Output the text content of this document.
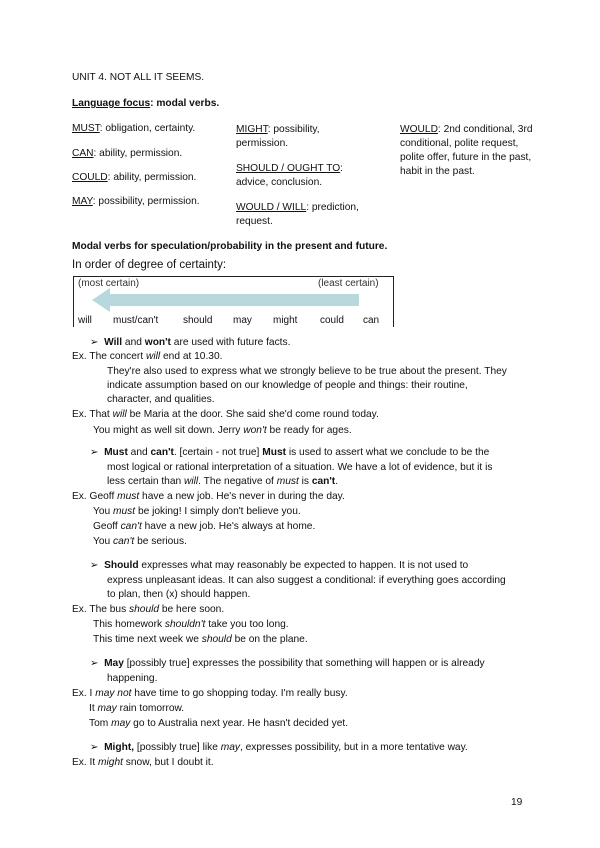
UNIT 4. NOT ALL IT SEEMS.
Language focus: modal verbs.
MUST: obligation, certainty.
CAN: ability, permission.
COULD: ability, permission.
MAY: possibility, permission.
MIGHT: possibility,
permission.
SHOULD / OUGHT TO:
advice, conclusion.
WOULD / WILL: prediction,
request.
WOULD: 2nd conditional, 3rd
conditional, polite request,
polite offer, future in the past,
habit in the past.
Modal verbs for speculation/probability in the present and future.
In order of degree of certainty:
(most certain)	(least certain)
will must/can't should may might could can
➢ Will and won't are used with future facts.
Ex. The concert will end at 10.30.
They're also used to express what we strongly believe to be true about the present. They
indicate assumption based on our knowledge of people and things: their routine,
character, and qualities.
Ex. That will be Maria at the door. She said she'd come round today.
You might as well sit down. Jerry won't be ready for ages.
➢ Must and can't. [certain - not true] Must is used to assert what we conclude to be the
most logical or rational interpretation of a situation. We have a lot of evidence, but it is
less certain than will. The negative of must is can't.
Ex. Geoff must have a new job. He's never in during the day.
You must be joking! I simply don't believe you.
Geoff can't have a new job. He's always at home.
You can't be serious.
➢ Should expresses what may reasonably be expected to happen. It is not used to
express unpleasant ideas. It can also suggest a conditional: if everything goes according
to plan, then (x) should happen.
Ex. The bus should be here soon.
This homework shouldn't take you too long.
This time next week we should be on the plane.
➢ May [possibly true] expresses the possibility that something will happen or is already
happening.
Ex. I may not have time to go shopping today. I'm really busy.
It may rain tomorrow.
Tom may go to Australia next year. He hasn't decided yet.
➢ Might, [possibly true] like may, expresses possibility, but in a more tentative way.
Ex. It might snow, but I doubt it.
19
